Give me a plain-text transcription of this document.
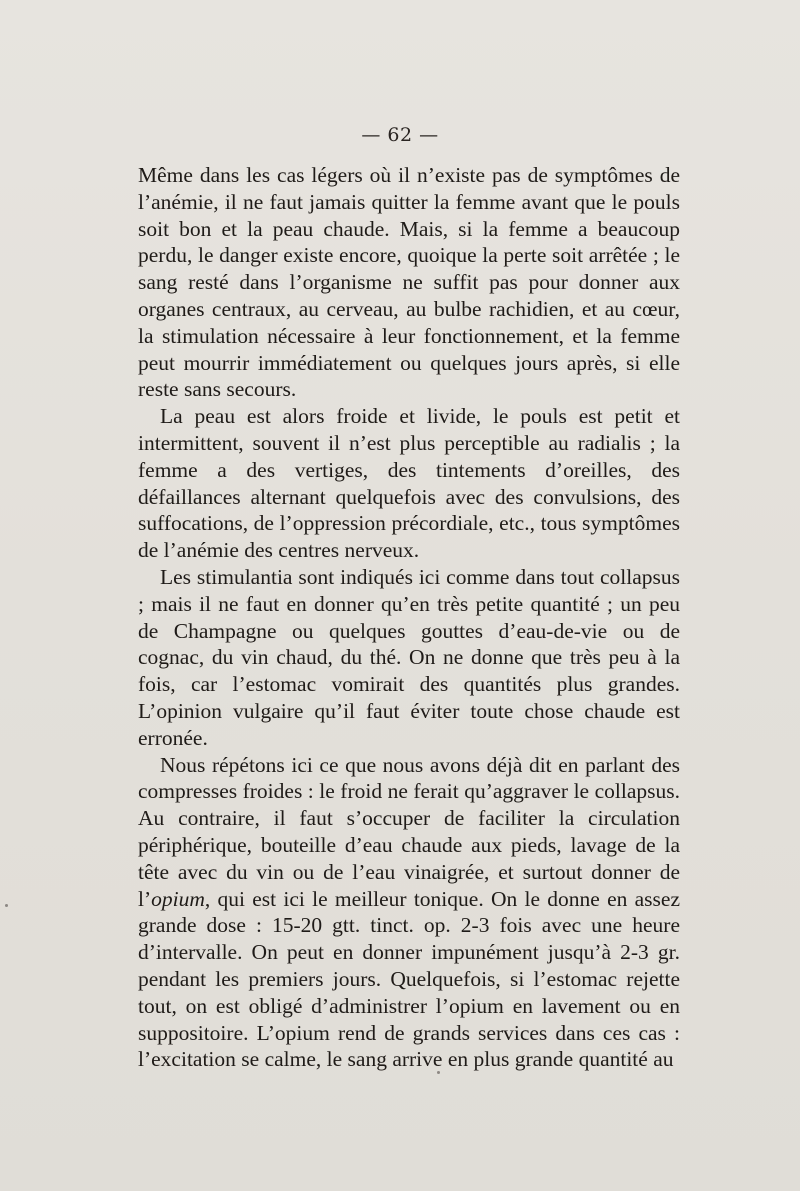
— 62 —

Même dans les cas légers où il n’existe pas de symptômes de l’anémie, il ne faut jamais quitter la femme avant que le pouls soit bon et la peau chaude. Mais, si la femme a beaucoup perdu, le danger existe encore, quoique la perte soit arrêtée ; le sang resté dans l’organisme ne suffit pas pour donner aux organes centraux, au cerveau, au bulbe rachidien, et au cœur, la stimulation nécessaire à leur fonctionnement, et la femme peut mourrir immédiatement ou quelques jours après, si elle reste sans secours.

La peau est alors froide et livide, le pouls est petit et intermittent, souvent il n’est plus perceptible au radialis ; la femme a des vertiges, des tintements d’oreilles, des défaillances alternant quelquefois avec des convulsions, des suffocations, de l’oppression précordiale, etc., tous symptômes de l’anémie des centres nerveux.

Les stimulantia sont indiqués ici comme dans tout collapsus ; mais il ne faut en donner qu’en très petite quantité ; un peu de Champagne ou quelques gouttes d’eau-de-vie ou de cognac, du vin chaud, du thé. On ne donne que très peu à la fois, car l’estomac vomirait des quantités plus grandes. L’opinion vulgaire qu’il faut éviter toute chose chaude est erronée.

Nous répétons ici ce que nous avons déjà dit en parlant des compresses froides : le froid ne ferait qu’aggraver le collapsus. Au contraire, il faut s’occuper de faciliter la circulation périphérique, bouteille d’eau chaude aux pieds, lavage de la tête avec du vin ou de l’eau vinaigrée, et surtout donner de l’opium, qui est ici le meilleur tonique. On le donne en assez grande dose : 15-20 gtt. tinct. op. 2-3 fois avec une heure d’intervalle. On peut en donner impunément jusqu’à 2-3 gr. pendant les premiers jours. Quelquefois, si l’estomac rejette tout, on est obligé d’administrer l’opium en lavement ou en suppositoire. L’opium rend de grands services dans ces cas : l’excitation se calme, le sang arrive en plus grande quantité au
